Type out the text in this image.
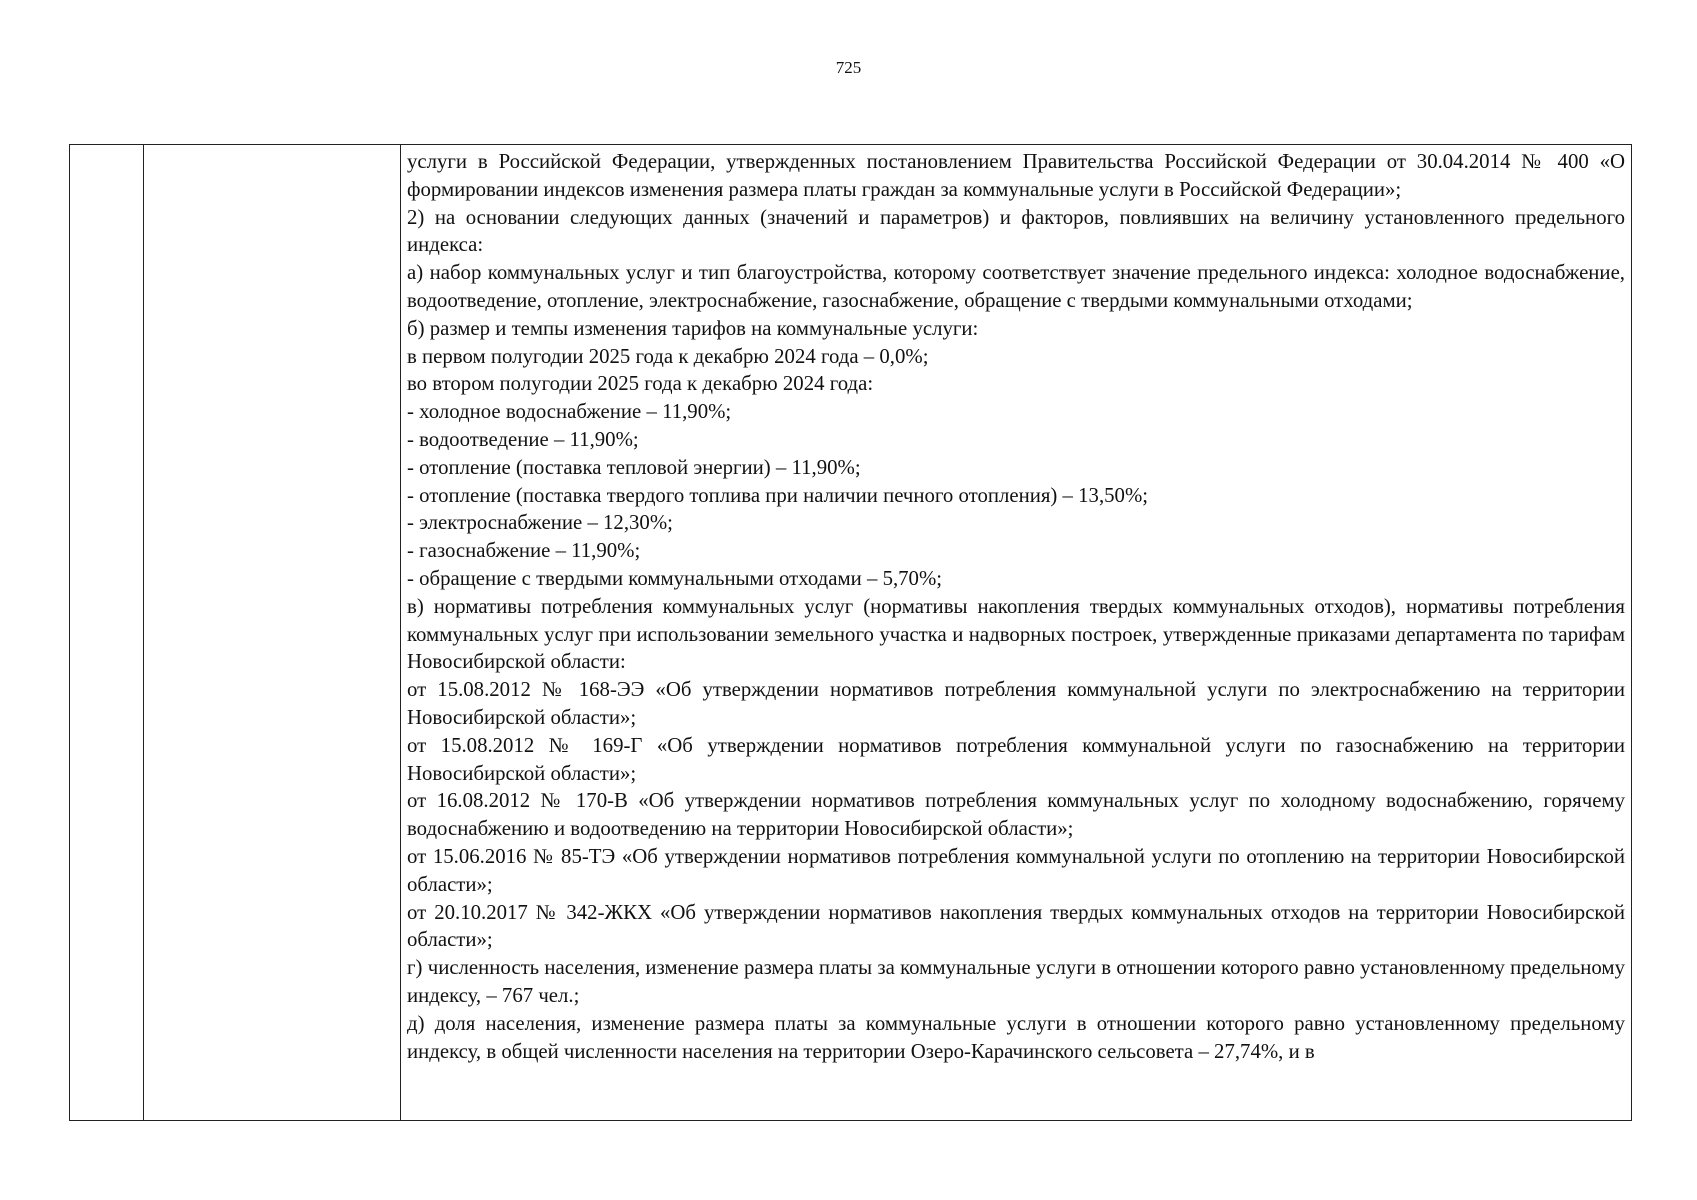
725

услуги в Российской Федерации, утвержденных постановлением Правительства Российской Федерации от 30.04.2014 № 400 «О формировании индексов изменения размера платы граждан за коммунальные услуги в Российской Федерации»;

2) на основании следующих данных (значений и параметров) и факторов, повлиявших на величину установленного предельного индекса:

а) набор коммунальных услуг и тип благоустройства, которому соответствует значение предельного индекса: холодное водоснабжение, водоотведение, отопление, электроснабжение, газоснабжение, обращение с твердыми коммунальными отходами;

б) размер и темпы изменения тарифов на коммунальные услуги:

в первом полугодии 2025 года к декабрю 2024 года – 0,0%;

во втором полугодии 2025 года к декабрю 2024 года:

- холодное водоснабжение – 11,90%;

- водоотведение – 11,90%;

- отопление (поставка тепловой энергии) – 11,90%;

- отопление (поставка твердого топлива при наличии печного отопления) – 13,50%;

- электроснабжение – 12,30%;

- газоснабжение – 11,90%;

- обращение с твердыми коммунальными отходами – 5,70%;

в) нормативы потребления коммунальных услуг (нормативы накопления твердых коммунальных отходов), нормативы потребления коммунальных услуг при использовании земельного участка и надворных построек, утвержденные приказами департамента по тарифам Новосибирской области:

от 15.08.2012 № 168-ЭЭ «Об утверждении нормативов потребления коммунальной услуги по электроснабжению на территории Новосибирской области»;

от 15.08.2012 № 169-Г «Об утверждении нормативов потребления коммунальной услуги по газоснабжению на территории Новосибирской области»;

от 16.08.2012 № 170-В «Об утверждении нормативов потребления коммунальных услуг по холодному водоснабжению, горячему водоснабжению и водоотведению на территории Новосибирской области»;

от 15.06.2016 № 85-ТЭ «Об утверждении нормативов потребления коммунальной услуги по отоплению на территории Новосибирской области»;

от 20.10.2017 № 342-ЖКХ «Об утверждении нормативов накопления твердых коммунальных отходов на территории Новосибирской области»;

г) численность населения, изменение размера платы за коммунальные услуги в отношении которого равно установленному предельному индексу, – 767 чел.;

д) доля населения, изменение размера платы за коммунальные услуги в отношении которого равно установленному предельному индексу, в общей численности населения на территории Озеро-Карачинского сельсовета – 27,74%, и в
